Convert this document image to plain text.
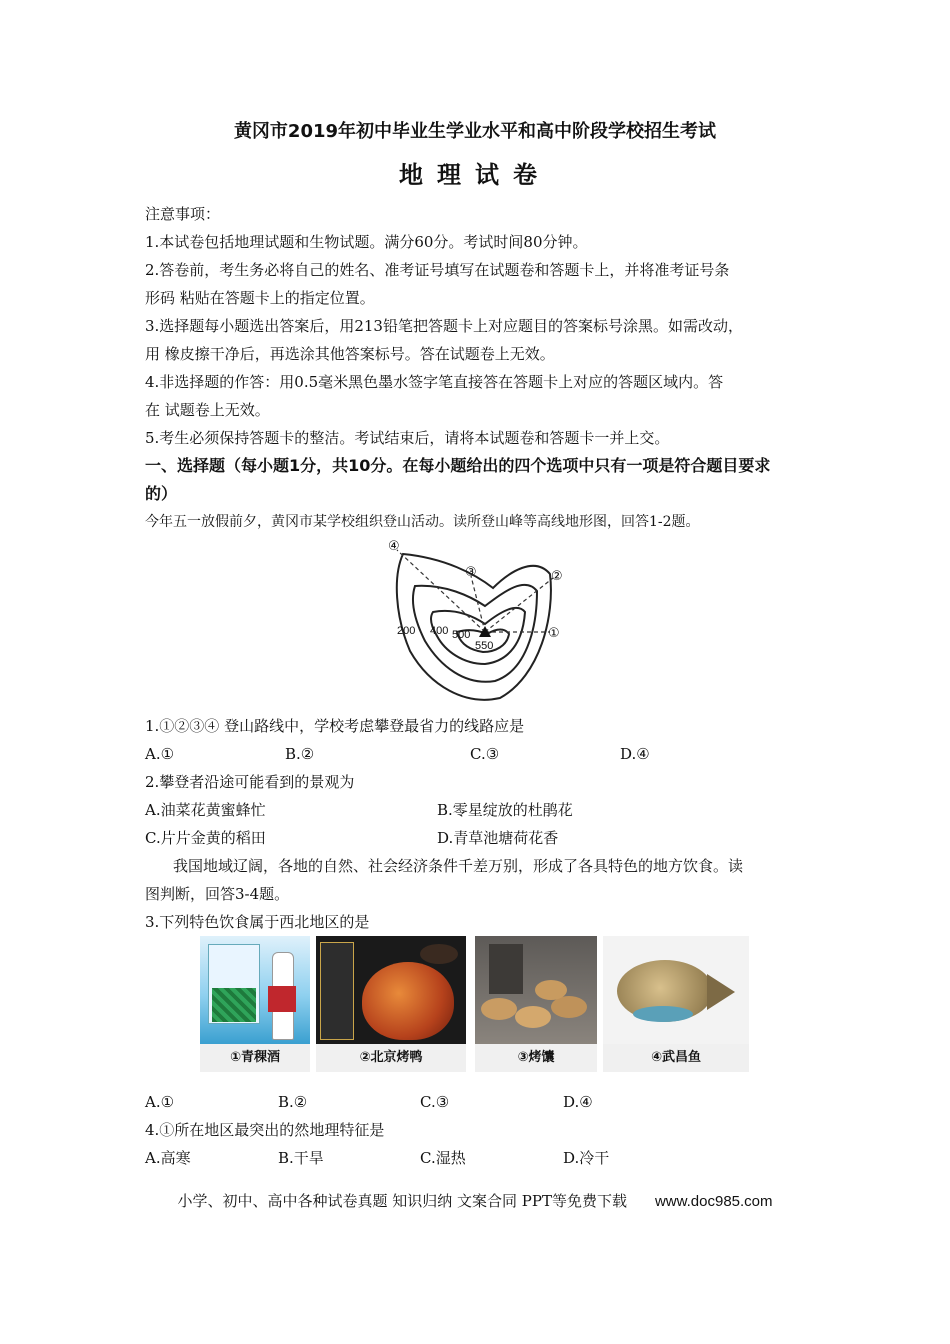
黄冈市2019年初中毕业生学业水平和高中阶段学校招生考试
地理试卷
注意事项：
1.本试卷包括地理试题和生物试题。满分60分。考试时间80分钟。
2.答卷前，考生务必将自己的姓名、准考证号填写在试题卷和答题卡上，并将准考证号条
形码 粘贴在答题卡上的指定位置。
3.选择题每小题选出答案后，用213铅笔把答题卡上对应题目的答案标号涂黑。如需改动，
用 橡皮擦干净后，再选涂其他答案标号。答在试题卷上无效。
4.非选择题的作答：用0.5毫米黑色墨水签字笔直接答在答题卡上对应的答题区域内。答
在 试题卷上无效。
5.考生必须保持答题卡的整洁。考试结束后，请将本试题卷和答题卡一并上交。
一、选择题（每小题1分，共10分。在每小题给出的四个选项中只有一项是符合题目要求
的）
今年五一放假前夕，黄冈市某学校组织登山活动。读所登山峰等高线地形图，回答1-2题。
200 400 500
550
①
②
③
④
1.①②③④ 登山路线中，学校考虑攀登最省力的线路应是
A.①	B.②	C.③	D.④
2.攀登者沿途可能看到的景观为
A.油菜花黄蜜蜂忙	B.零星绽放的杜鹃花
C.片片金黄的稻田	D.青草池塘荷花香
我国地域辽阔，各地的自然、社会经济条件千差万别，形成了各具特色的地方饮食。读
图判断，回答3-4题。
3.下列特色饮食属于西北地区的是
①青稞酒	②北京烤鸭	③烤馕	④武昌鱼
A.①	B.②	C.③	D.④
4.①所在地区最突出的然地理特征是
A.高寒	B.干旱	C.湿热	D.冷干
小学、初中、高中各种试卷真题 知识归纳 文案合同 PPT等免费下载 www.doc985.com
